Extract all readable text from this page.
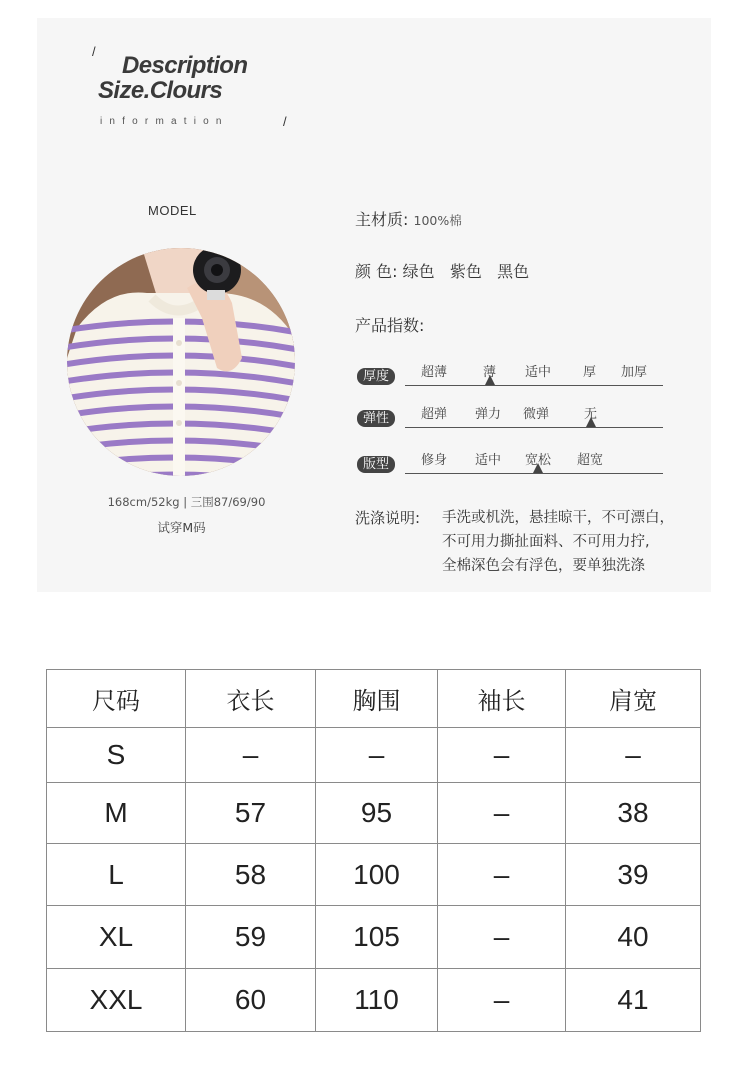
/
Description
Size.Clours
information	/
MODEL
168cm/52kg | 三围87/69/90
试穿M码
主材质: 100%棉
颜 色: 绿色 紫色 黑色
产品指数:
厚度	超薄	薄 适中 厚 加厚
弹性	超弹 弹力 微弹	无
版型	修身 适中 宽松 超宽
洗涤说明: 手洗或机洗，悬挂晾干，不可漂白，
不可用力撕扯面料、不可用力拧,
全棉深色会有浮色，要单独洗涤
尺码	衣长	胸围	袖长	肩宽
S	–	–	–	–
M	57	95	–	38
L	58	100	–	39
XL	59	105	–	40
XXL	60	110	–	41
